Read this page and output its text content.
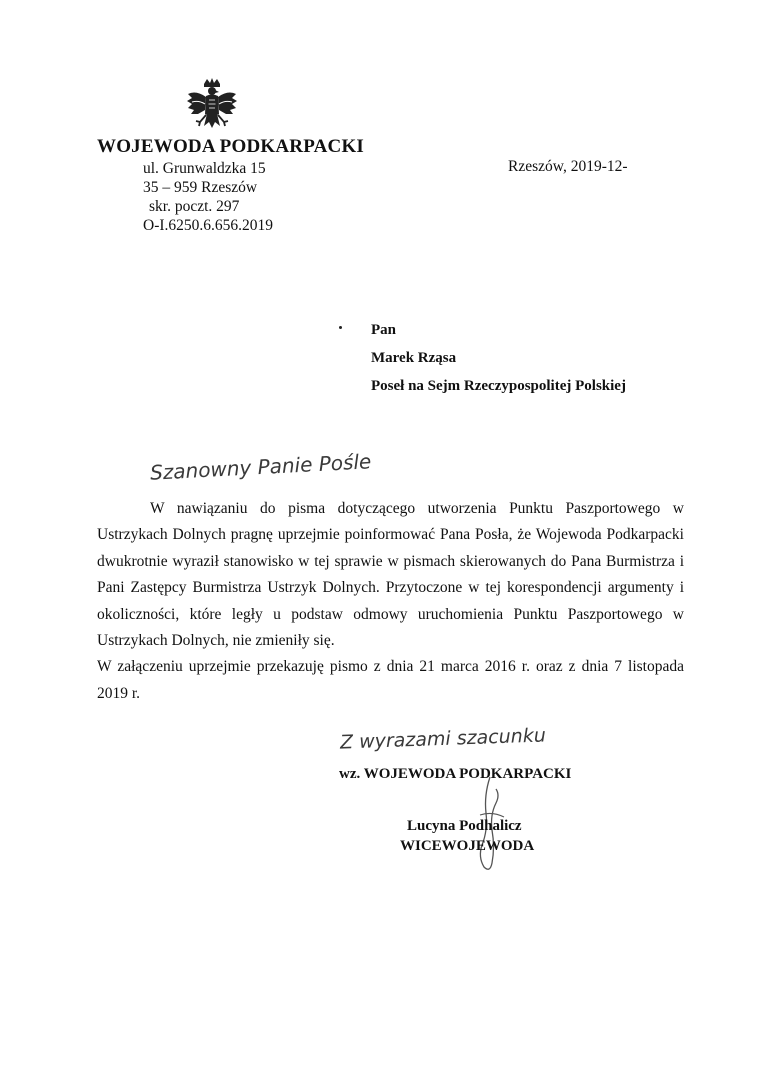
WOJEWODA PODKARPACKI
ul. Grunwaldzka 15
35 – 959 Rzeszów
skr. poczt. 297
O-I.6250.6.656.2019
Rzeszów, 2019-12-
Pan
Marek Rząsa
Poseł na Sejm Rzeczypospolitej Polskiej
Szanowny Panie Pośle

W nawiązaniu do pisma dotyczącego utworzenia Punktu Paszportowego w Ustrzykach Dolnych pragnę uprzejmie poinformować Pana Posła, że Wojewoda Podkarpacki dwukrotnie wyraził stanowisko w tej sprawie w pismach skierowanych do Pana Burmistrza i Pani Zastępcy Burmistrza Ustrzyk Dolnych. Przytoczone w tej korespondencji argumenty i okoliczności, które legły u podstaw odmowy uruchomienia Punktu Paszportowego w Ustrzykach Dolnych, nie zmieniły się.

W załączeniu uprzejmie przekazuję pismo z dnia 21 marca 2016 r. oraz z dnia 7 listopada 2019 r.

Z wyrazami szacunku
wz. WOJEWODA PODKARPACKI
Lucyna Podhalicz
WICEWOJEWODA
